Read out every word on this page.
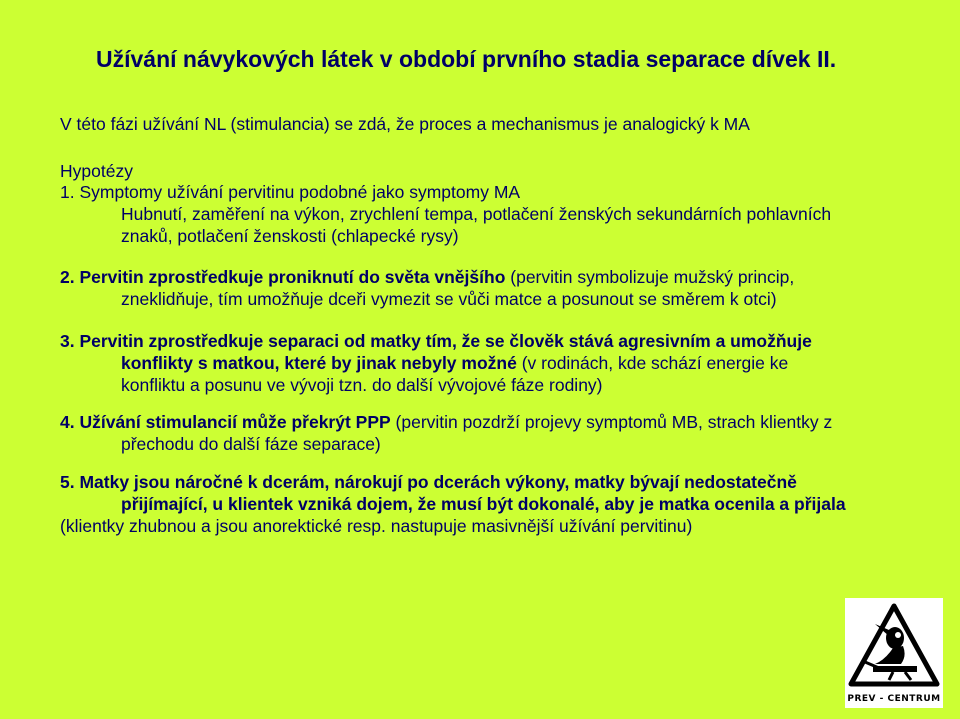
Užívání návykových látek v období prvního stadia separace dívek II.
V této fázi užívání NL (stimulancia) se zdá, že proces a mechanismus je analogický k MA
Hypotézy
1. Symptomy užívání pervitinu podobné jako symptomy MA
Hubnutí, zaměření na výkon, zrychlení tempa, potlačení ženských sekundárních pohlavních
znaků, potlačení ženskosti (chlapecké rysy)
2. Pervitin zprostředkuje proniknutí do světa vnějšího (pervitin symbolizuje mužský princip,
zneklidňuje, tím umožňuje dceři vymezit se vůči matce a posunout se směrem k otci)
3. Pervitin zprostředkuje separaci od matky tím, že se člověk stává agresivním a umožňuje
konflikty s matkou, které by jinak nebyly možné (v rodinách, kde schází energie ke
konfliktu a posunu ve vývoji tzn. do další vývojové fáze rodiny)
4. Užívání stimulancií může překrýt PPP (pervitin pozdrží projevy symptomů MB, strach klientky z
přechodu do další fáze separace)
5. Matky jsou náročné k dcerám, nárokují po dcerách výkony, matky bývají nedostatečně
přijímající, u klientek vzniká dojem, že musí být dokonalé, aby je matka ocenila a přijala
(klientky zhubnou a jsou anorektické resp. nastupuje masivnější užívání pervitinu)
PREV - CENTRUM
